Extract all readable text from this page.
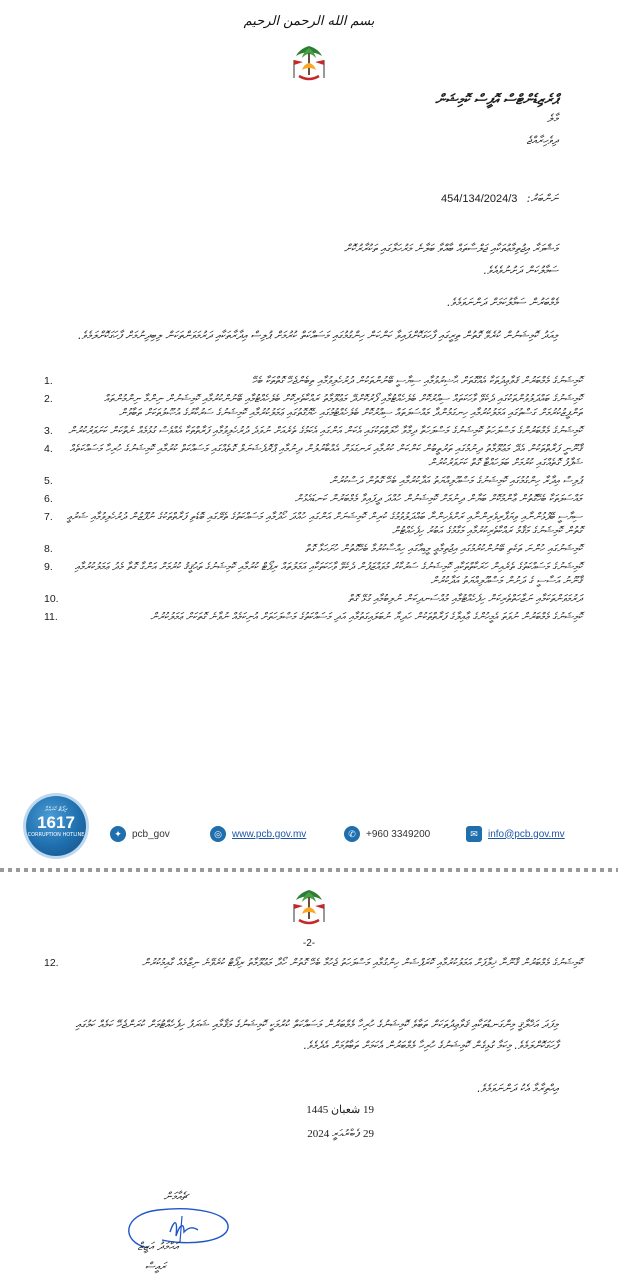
بسم الله الرحمن الرحيم
ޕްރެޒިޑެންޓްސް އޮފީސް ކޮމިޝަން
މާލެ
ދިވެހިރާއްޖެ
ނަންބަރު: 454/134/2024/3
މަޝްވަރާ އިޖުތިމާޢުތަކާއި ޖަލްސާތައް ބާއްވާ ބަލާނެ މަރުހަލާގައި ތަކުރާރުކޮށް
ސަމާލުކަން ދަށުނުވެއެވެ.
މެމްބަރުން ސަމާލުކަމަށް ދަންނަވަމެވެ.
މިއަދު ކޮމިޝަނުން ކުރެވޭ ގޮތުން ތިރީގައި ފާހަގަކޮށްފައިވާ ކަންކަން ހިންގުމުގައި މަސައްކަތް ކުރުމަށް ޕުލިސް އިދާރާތަކާއި ދަރުމަވަންތަކަން ލިބިދިނުމަށް ފާހަގަކޮށްލަމެވެ.
1.	ކޮމިޝަނުގެ މެމްބަރުން ޤަވާޢިދުތަކާ އެއްގޮތަށް ޙާޟިރުވުމާއި ސިޔާސީ ބޭނުންތަކުން ދުރުހެލިވުމާއި ތިބެންޖެހޭ ގޮތްތަކާ ބެހޭ
2.	ކޮމިޝަނުގެ ބައްދަލުވުންތަކުގައި ދެކެވޭ ވާހަކަތައް ސިއްރުކޮށް ބެލެހެއްޓުމާއި ފޯރުކޮށްދޭ މަޢުލޫމާތު ރައްކާތެރިކޮށް ބެލެހެއްޓުމާއި ބޭނުންކުރުމާއި ކޮމިޝަނުން ނިންމާ ނިންމުންތައް ތަންފީޒުކުރުމަށް ގަސްތުގައި އަމަލުކުރުމާއި ހިނގަމުންދާ މައްސަލަތައް ސިއްރުކޮށް ބެލެހެއްޓުމުގައި ހެޔޮގޮތުގައި ޢަމަލުކުރުމާއި ކޮމިޝަނުގެ ސަރުކާރުގެ އުޞޫލުތަކަށް ތަބާވުން
3.	ކޮމިޝަނުގެ މެމްބަރުންގެ މަސްލަހަތު ކޮމިޝަނުގެ މަސްލަހަތާ ދިމާވާ ހާލަތްތަކުގައި އެކަން އަންގައި އެކަމުގެ ތެރެއަށް ނުވަދެ ދުރުހެލިވުމާއި ފަރާތްތަކާ އެއްވެސް ގުޅުމެއް ނެތްކަން ކަށަވަރުކުރުން
4.	ޤާނޫނީ ފަރާތްތަކުން އެދޭ މަޢުލޫމާތު ދިނުމުގައި ތަރުތީބުން ކަންކަން ކުރުމާއި ރަނގަޅަށް އެއްބާރުލުން ދިނުމާއި ޕްރޮފެޝަނަލް ގޮތެއްގައި މަސައްކަތް ކުރުމާއި ކޮމިޝަނުގެ ހުރިހާ މަސައްކަތެއް ޝަފާފު ގޮތެއްގައި ކުރުމަށް ބަލަހައްޓާ ގޮތް ކަށަވަރުކުރުން
5.	ޕުލިސް އިދާރާ ހިންގުމުގައި ކޮމިޝަނުގެ މަސްއޫލިއްޔަތު އަދާކުރުމާއި ބެހޭ ގޮތުން ދަސްކުރުން
6.	މައްސަލަތަކާ ބެހޭގޮތުން ޢާންމުކޮށް ބަޔާން ދިނުމަށް ކޮމިޝަނުން ހުއްދަ ދީފައިވާ މެމްބަރުން ކަނޑައެޅުން
7.	ސިޔާސީ ބޭފުޅުންނާއި ވިޔަފާރިވެރިންނާއި ރަށްވެހިންނާ ބައްދަލުވުމުގެ ކުރިން ކޮމިޝަނަށް އަންގައި ހުއްދަ ހޯދުމާއި މަސައްކަތުގެ ތެރޭގައި ބޮޑެތި ފަރާތްތަކުގެ ނުފޫޒުން ދުރުހެލިވުމާއި ޝަރުޢީ ގޮތުން ކޮމިޝަނުގެ މަޤާމު ރައްކާތެރިކުރުމާއި މަގާމުގެ އަބުރު ހިފެހެއްޓުން
8.	ކޮމިޝަނުގައި ހުންނަ ތަކެތި ބޭނުންކުރުމުގައި އިޖުތިމާޢީ މީޑިއާގައި ހިއްސާކުރުމާ ބެހޭގޮތުން ހުށަހަޅާ ގޮތް
9.	ކޮމިޝަނުގެ މަސައްކަތުގެ ތެރެއިން ހަރަކާތްތަކާއި ކޮމިޝަނުގެ ސަރުކާރު މުވައްޒަފުން ދެކެވޭ ވާހަކަތަކާއި އަމަލުތައް ރިޕޯޓް ކުރުމާއި ކޮމިޝަނުގެ ތަޙުޤީޤު ކުރުމަށް އަންގާ ގޮތާ މެދު ޢަމަލުކުރުމާއި ޤާނޫނު އަސާސީ ގެ ދަށުން މަސްއޫލިއްޔަތު އަދާކުރުން
10.	ދަރުމަވަންތަކަމާއި ނަޒާހަތްތެރިކަން ހިފެހެއްޓުމާއި މުއްސަނދިކަން ނުލިބުމާއި ގުޅޭ ގޮތް
11.	ކޮމިޝަނުގެ މެމްބަރުން ނުވަތަ އެމީހުންގެ ޢާއިލާގެ ފަރާތްތަކުން ހަދިޔާ ނުބަލައިގަތުމާއި އަދި މަސައްކަތުގެ މަޞްލަހަތަށް އުނިކަމެއް ނުވާނެ ގޮތަކަށް ޢަމަލުކުރުން
ރިޕޯޓް ކުރައްވާ
1617
CORRUPTION HOTLINE	✦	pcb_gov	◎	www.pcb.gov.mv	✆	+960 3349200	✉	info@pcb.gov.mv
-2-
12.	ކޮމިޝަނުގެ މެމްބަރުން ޤާނޫނާ ޚިލާފަށް އަމަލުކުރުމާއި ކޮރަޕްޝަން ހިންގުމާއި މަސްލަހަތު ޖެހުމާ ބެހޭ ގޮތުން ހޯދާ މަޢުލޫމާތު ރިޕޯޓް ކުރެވޭނެ ނިޒާމެއް ގާއިމުކުރުން
މިފަދަ އަޚްލާޤީ މިންގަނޑުތަކާއި ޤަވާޢިދުތަކަށް ތަބާވެ ކޮމިޝަނުގެ ހުރިހާ މެމްބަރުން މަސައްކަތް ކުރުމަކީ ކޮމިޝަނުގެ މަޤާމާއި ޝަރަފު ހިފެހެއްޓުމަށް ކުރަންޖެހޭ ކަމެއް ކަމުގައި ފާހަގަކޮށްލަމެވެ. މިކަމާ ގުޅިގެން ކޮމިޝަނުގެ ހުރިހާ މެމްބަރުން އެކަމަށް ތަބާވުމަށް އެދެމެވެ.
އިޙްތިރާމާ އެކު ދަންނަވަމެވެ.
19 شعبان 1445
29 ފެބްރުއަރީ 2024
ޗެއާމަން
އަޙްމަދު އަޒީޒް
ރައީސް
